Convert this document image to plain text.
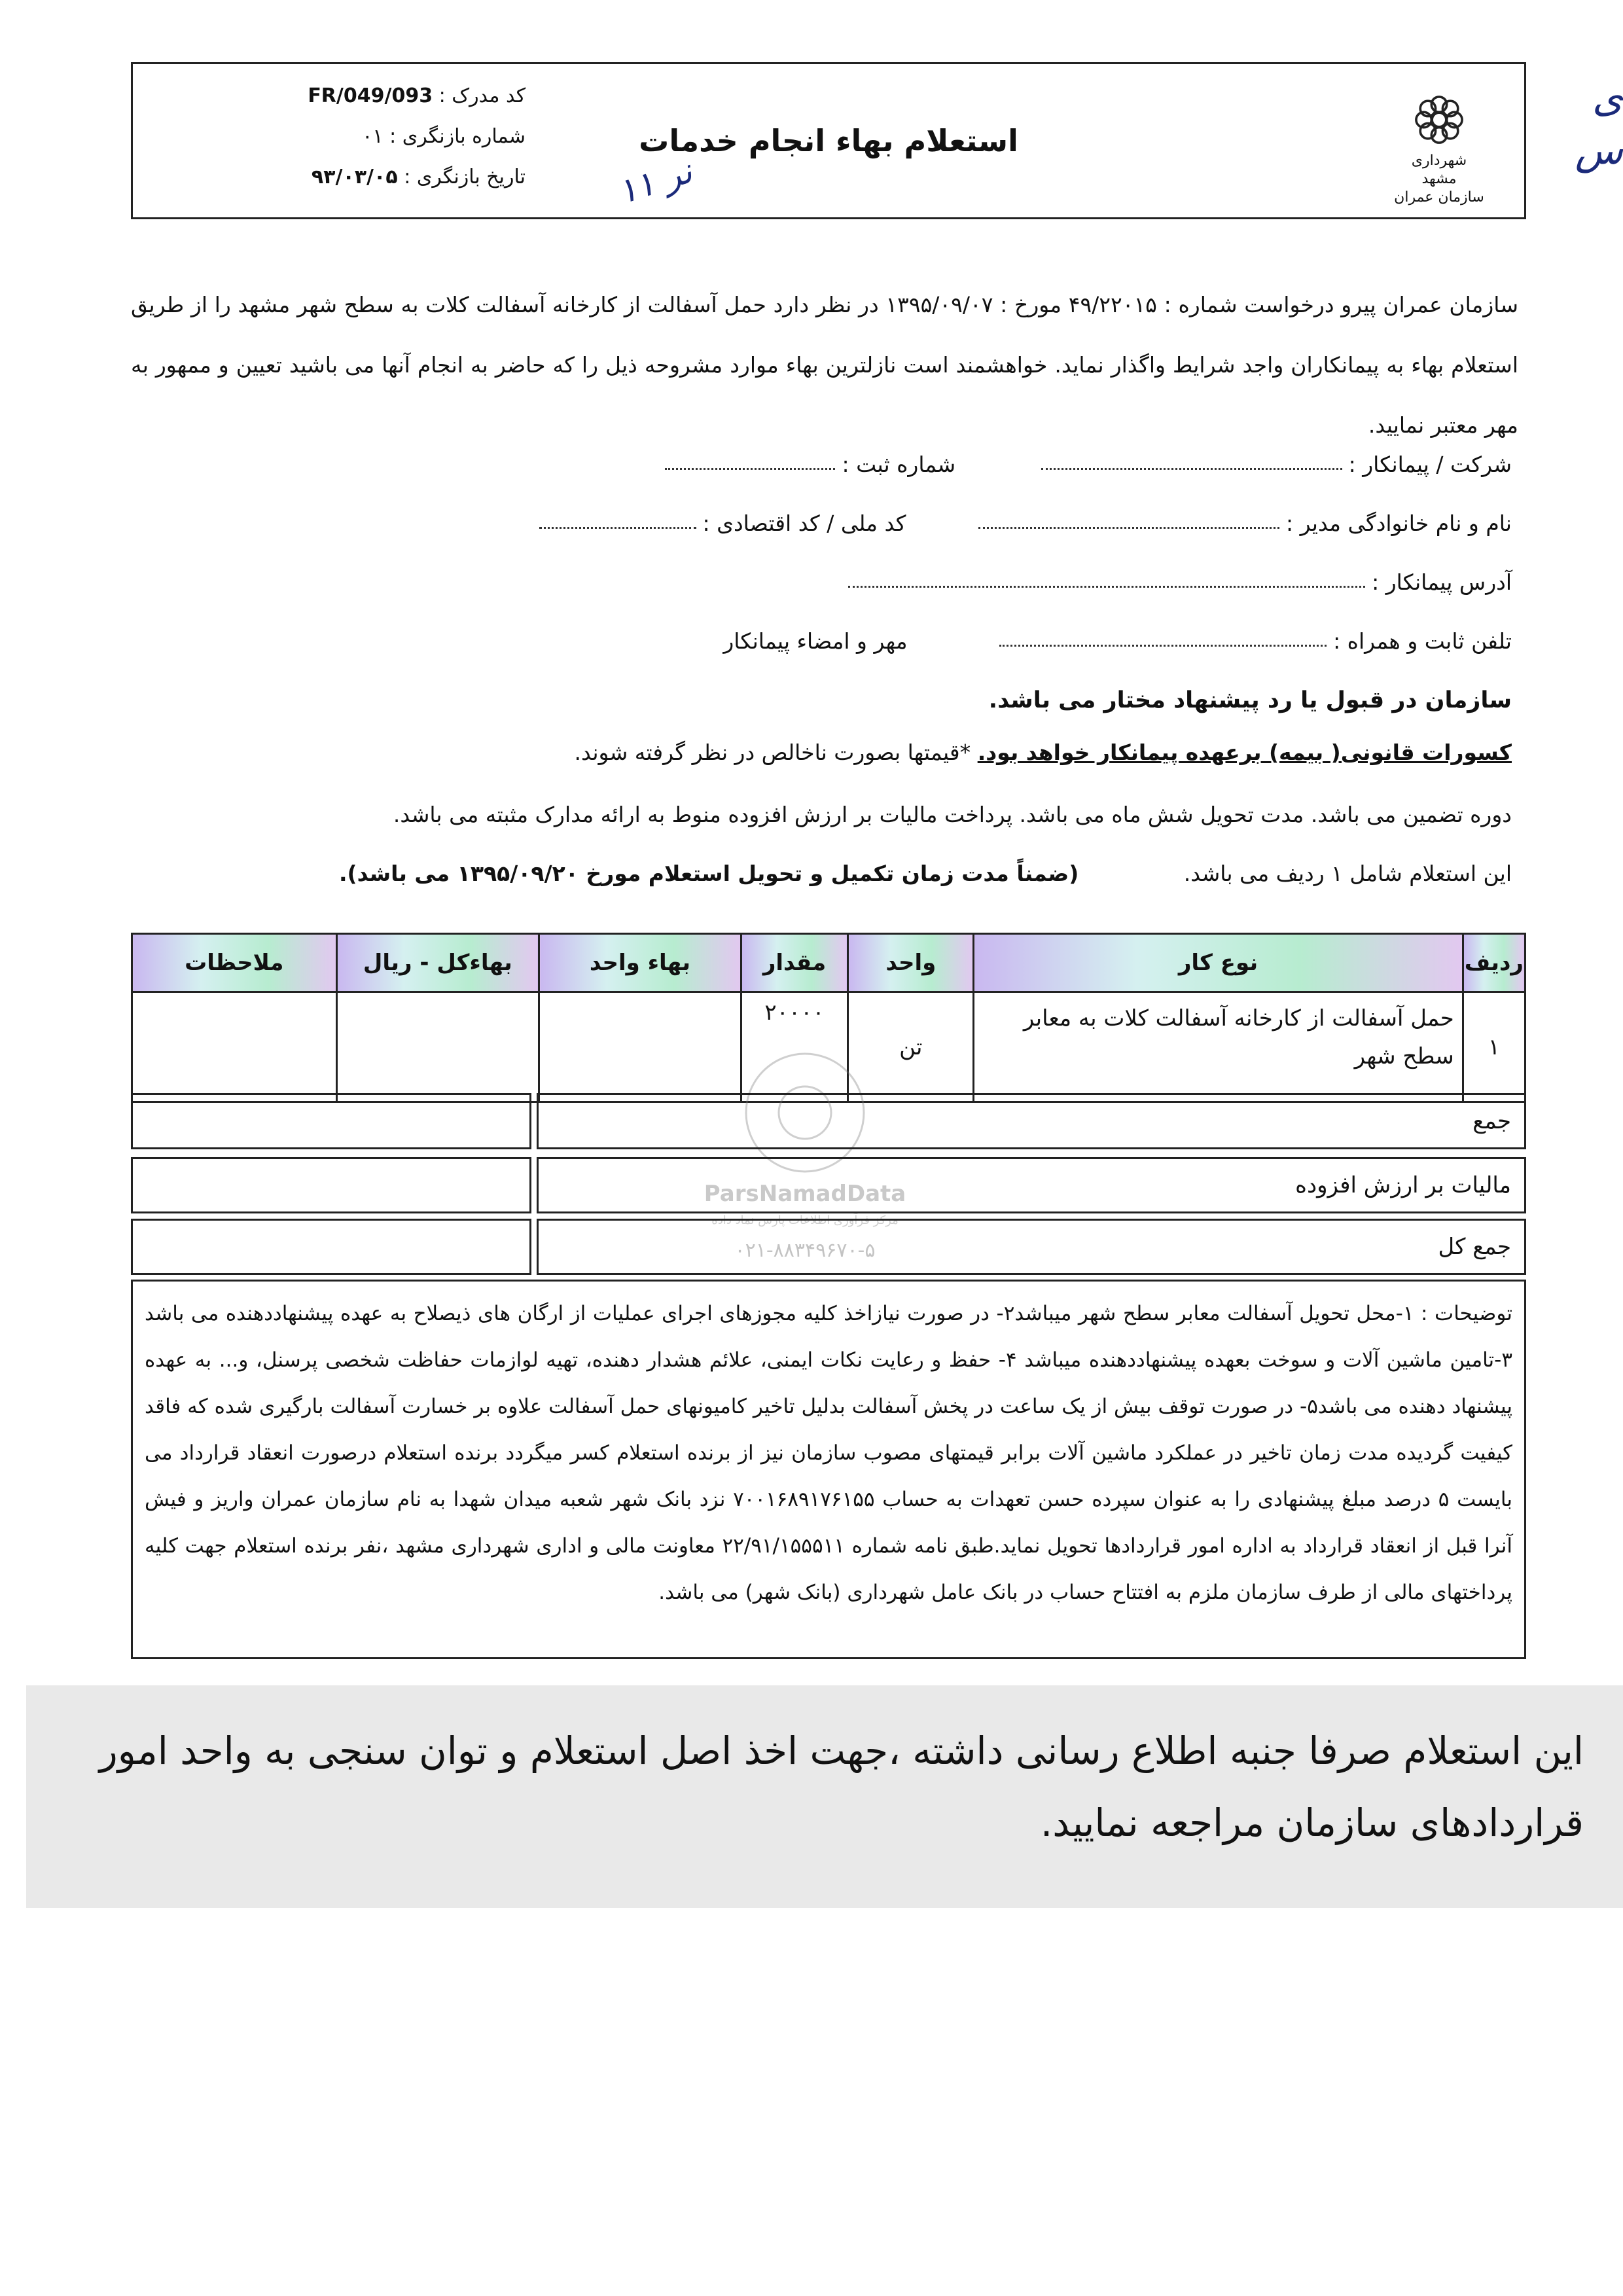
ی س
شهرداری مشهد
سازمان عمران
استعلام بهاء انجام خدمات
کد مدرک : FR/049/093
شماره بازنگری : ۰۱
تاریخ بازنگری : ۹۳/۰۳/۰۵	نر ۱۱
سازمان عمران پیرو درخواست شماره : ۴۹/۲۲۰۱۵ مورخ : ۱۳۹۵/۰۹/۰۷ در نظر دارد حمل آسفالت از کارخانه آسفالت کلات به سطح شهر مشهد را از طریق استعلام بهاء به پیمانکاران واجد شرایط واگذار نماید. خواهشمند است نازلترین بهاء موارد مشروحه ذیل را که حاضر به انجام آنها می باشید تعیین و ممهور به مهر معتبر نمایید.
شرکت / پیمانکار : شماره ثبت :
نام و نام خانوادگی مدیر : کد ملی / کد اقتصادی :
آدرس پیمانکار :
تلفن ثابت و همراه : مهر و امضاء پیمانکار
سازمان در قبول یا رد پیشنهاد مختار می باشد.
کسورات قانونی( بیمه) برعهده پیمانکار خواهد بود. *قیمتها بصورت ناخالص در نظر گرفته شوند.
دوره تضمین می باشد. مدت تحویل شش ماه می باشد. پرداخت مالیات بر ارزش افزوده منوط به ارائه مدارک مثبته می باشد.
این استعلام شامل ۱ ردیف می باشد. (ضمناً مدت زمان تکمیل و تحویل استعلام مورخ ۱۳۹۵/۰۹/۲۰ می باشد).
ردیف	نوع کار	واحد	مقدار	بهاء واحد	بهاء‌کل - ریال	ملاحظات
۱	حمل آسفالت از کارخانه آسفالت کلات به معابر سطح شهر	تن	۲۰۰۰۰			
ParsNamadData
مرکز فرآوری اطلاعات پارس نماد داده
۰۲۱-۸۸۳۴۹۶۷۰-۵
جمع
مالیات بر ارزش افزوده
جمع کل
توضیحات : ۱-محل تحویل آسفالت معابر سطح شهر میباشد۲- در صورت نیازاخذ کلیه مجوزهای اجرای عملیات از ارگان های ذیصلاح به عهده پیشنهاددهنده می باشد ۳-تامین ماشین آلات و سوخت بعهده پیشنهاددهنده میباشد ۴- حفظ و رعایت نکات ایمنی، علائم هشدار دهنده، تهیه لوازمات حفاظت شخصی پرسنل، و... به عهده پیشنهاد دهنده می باشد۵- در صورت توقف بیش از یک ساعت در پخش آسفالت بدلیل تاخیر کامیونهای حمل آسفالت علاوه بر خسارت آسفالت بارگیری شده که فاقد کیفیت گردیده مدت زمان تاخیر در عملکرد ماشین آلات برابر قیمتهای مصوب سازمان نیز از برنده استعلام کسر میگردد برنده استعلام درصورت انعقاد قرارداد می بایست ۵ درصد مبلغ پیشنهادی را به عنوان سپرده حسن تعهدات به حساب ۷۰۰۱۶۸۹۱۷۶۱۵۵ نزد بانک شهر شعبه میدان شهدا به نام سازمان عمران واریز و فیش آنرا قبل از انعقاد قرارداد به اداره امور قراردادها تحویل نماید.طبق نامه شماره ۲۲/۹۱/۱۵۵۵۱۱ معاونت مالی و اداری شهرداری مشهد ،نفر برنده استعلام جهت کلیه پرداختهای مالی از طرف سازمان ملزم به افتتاح حساب در بانک عامل شهرداری (بانک شهر) می باشد.
این استعلام صرفا جنبه اطلاع رسانی داشته ،جهت اخذ اصل استعلام و توان سنجی به واحد امور قراردادهای سازمان مراجعه نمایید.
